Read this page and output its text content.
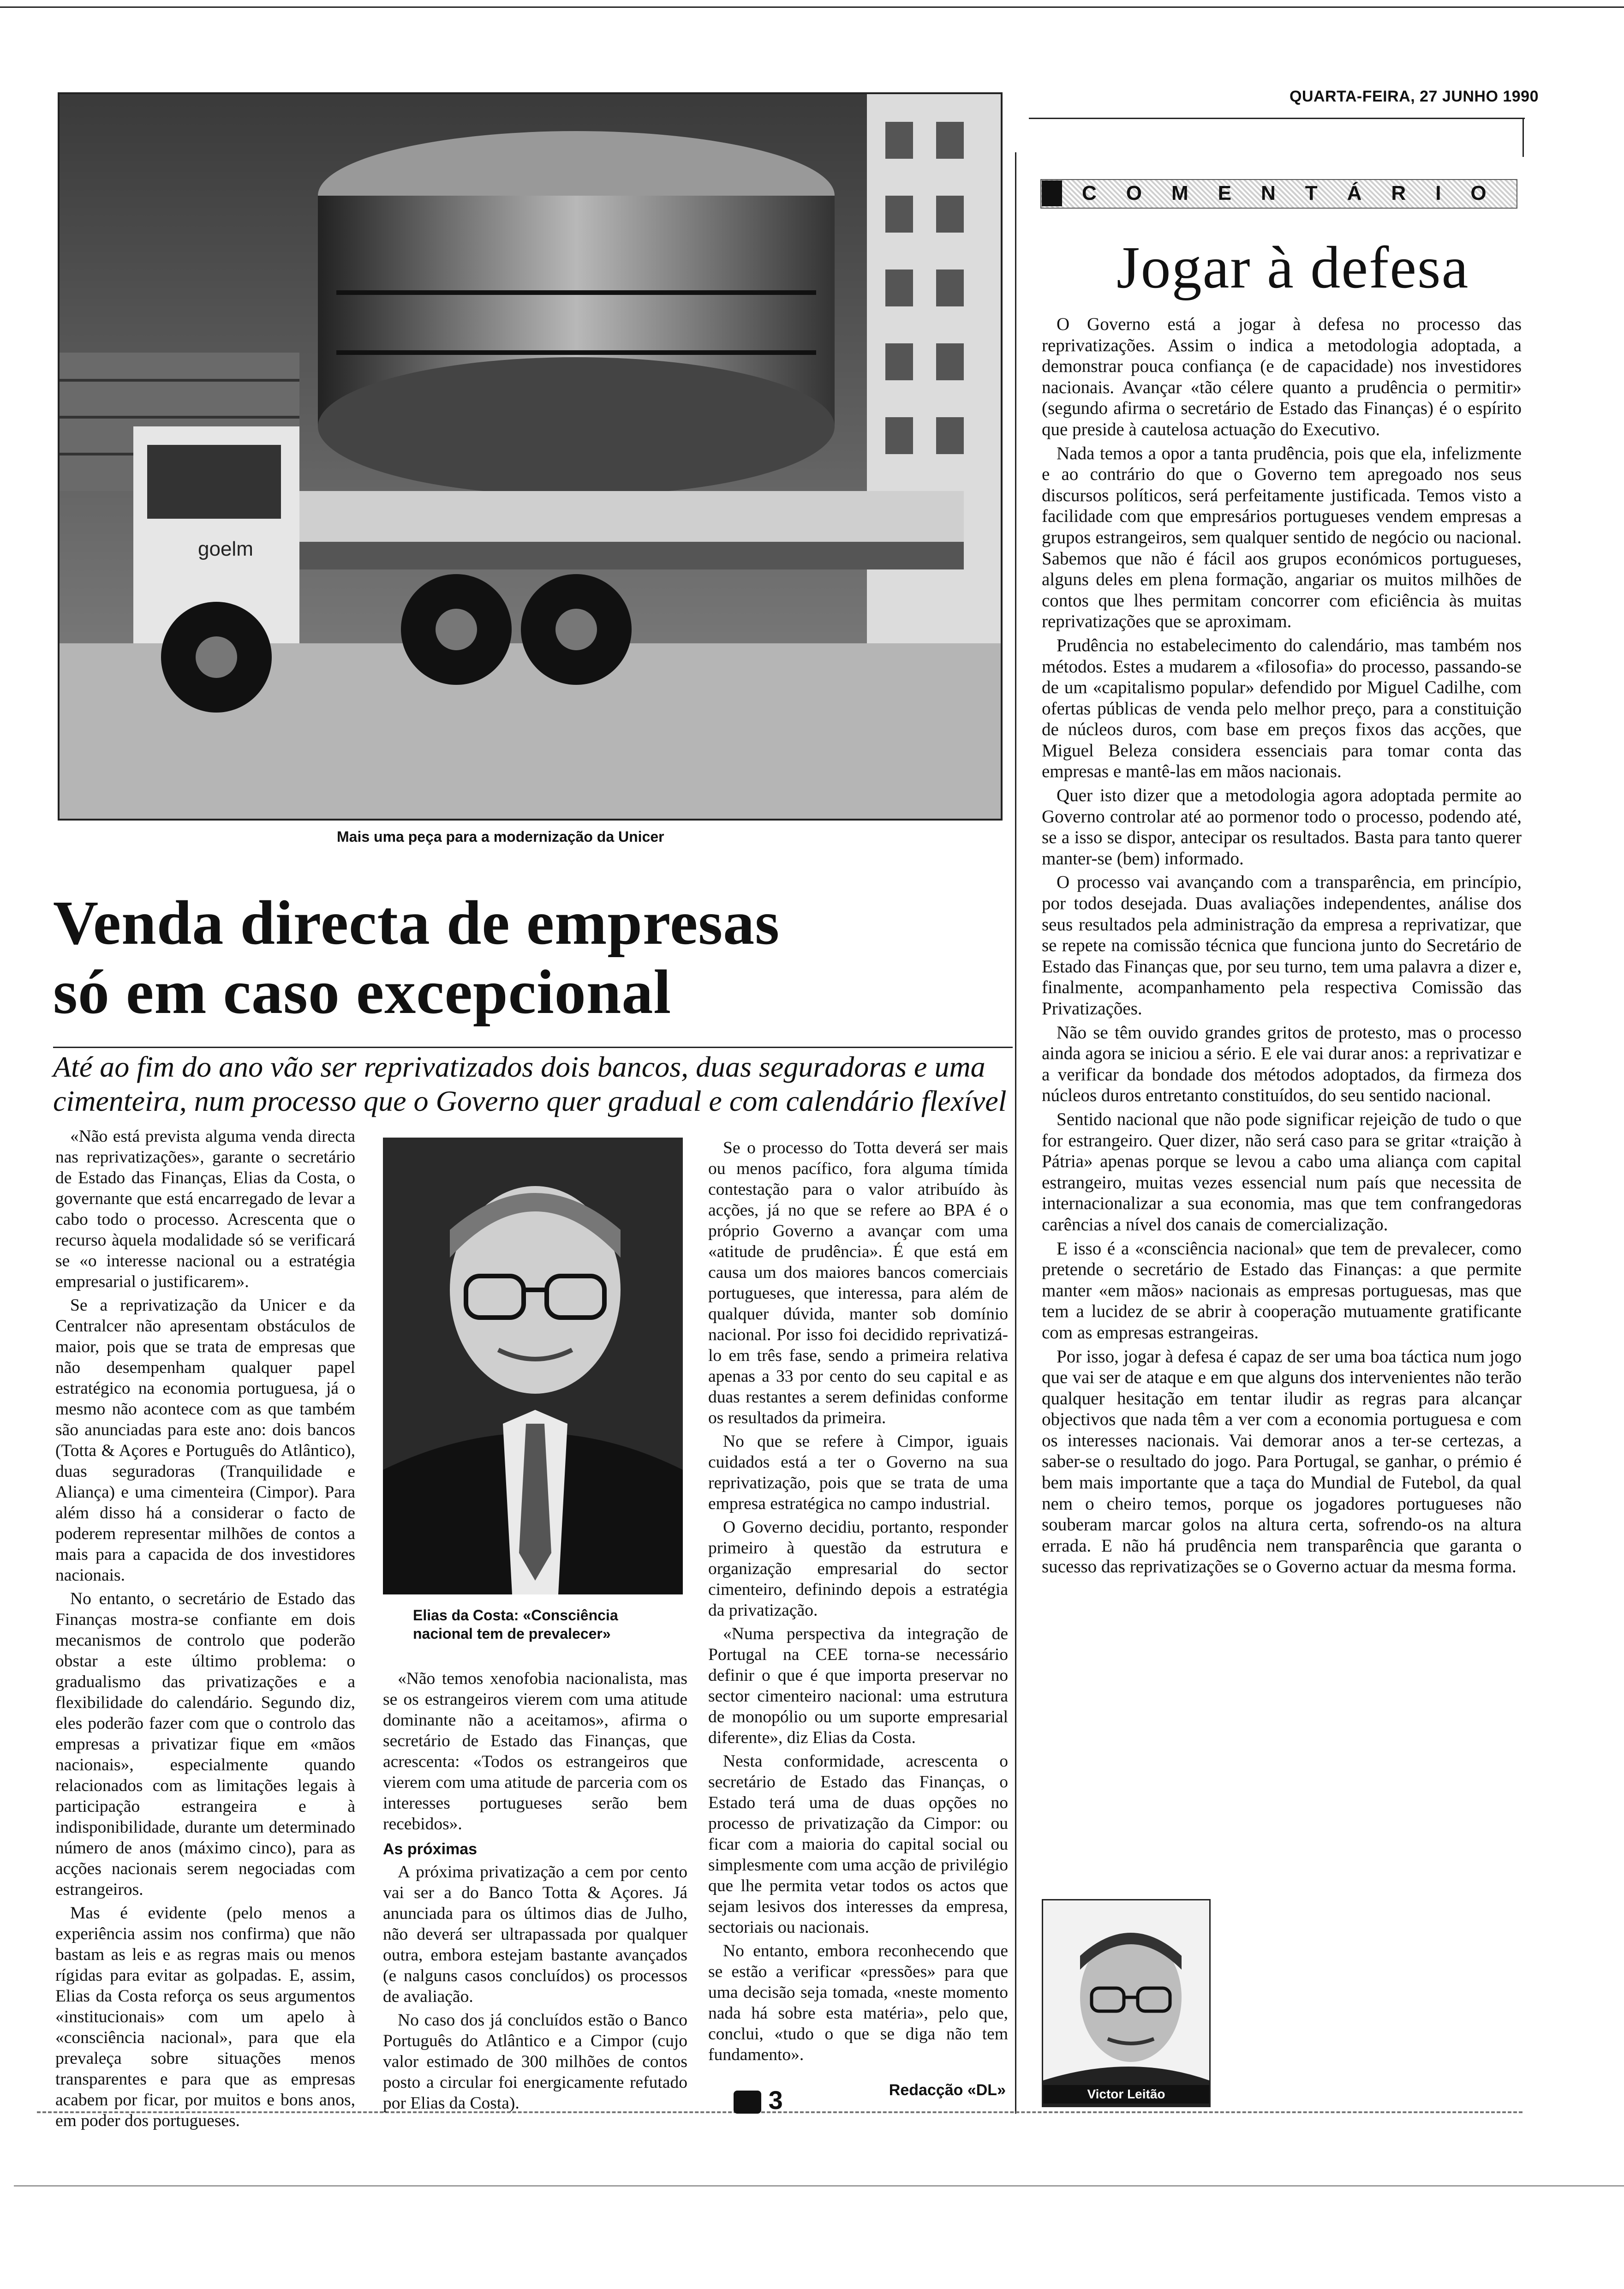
QUARTA-FEIRA, 27 JUNHO 1990
goelm
Mais uma peça para a modernização da Unicer
Venda directa de empresas
só em caso excepcional
Até ao fim do ano vão ser reprivatizados dois bancos, duas seguradoras e uma cimenteira, num processo que o Governo quer gradual e com calendário flexível

«Não está prevista alguma venda directa nas reprivatizações», garante o secretário de Estado das Finanças, Elias da Costa, o governante que está encarregado de levar a cabo todo o processo. Acrescenta que o recurso àquela modalidade só se verificará se «o interesse nacional ou a estratégia empresarial o justificarem».

Se a reprivatização da Unicer e da Centralcer não apresentam obstáculos de maior, pois que se trata de empresas que não desempenham qualquer papel estratégico na economia portuguesa, já o mesmo não acontece com as que também são anunciadas para este ano: dois bancos (Totta & Açores e Português do Atlântico), duas seguradoras (Tranquilidade e Aliança) e uma cimenteira (Cimpor). Para além disso há a considerar o facto de poderem representar milhões de contos a mais para a capacida de dos investidores nacionais.

No entanto, o secretário de Estado das Finanças mostra-se confiante em dois mecanismos de controlo que poderão obstar a este último problema: o gradualismo das privatizações e a flexibilidade do calendário. Segundo diz, eles poderão fazer com que o controlo das empresas a privatizar fique em «mãos nacionais», especialmente quando relacionados com as limitações legais à participação estrangeira e à indisponibilidade, durante um determinado número de anos (máximo cinco), para as acções nacionais serem negociadas com estrangeiros.

Mas é evidente (pelo menos a experiência assim nos confirma) que não bastam as leis e as regras mais ou menos rígidas para evitar as golpadas. E, assim, Elias da Costa reforça os seus argumentos «institucionais» com um apelo à «consciência nacional», para que ela prevaleça sobre situações menos transparentes e para que as empresas acabem por ficar, por muitos e bons anos, em poder dos portugueses.

Elias da Costa: «Consciência nacional tem de prevalecer»

«Não temos xenofobia nacionalista, mas se os estrangeiros vierem com uma atitude dominante não a aceitamos», afirma o secretário de Estado das Finanças, que acrescenta: «Todos os estrangeiros que vierem com uma atitude de parceria com os interesses portugueses serão bem recebidos».

As próximas

A próxima privatização a cem por cento vai ser a do Banco Totta & Açores. Já anunciada para os últimos dias de Julho, não deverá ser ultrapassada por qualquer outra, embora estejam bastante avançados (e nalguns casos concluídos) os processos de avaliação.

No caso dos já concluídos estão o Banco Português do Atlântico e a Cimpor (cujo valor estimado de 300 milhões de contos posto a circular foi energicamente refutado por Elias da Costa).

Se o processo do Totta deverá ser mais ou menos pacífico, fora alguma tímida contestação para o valor atribuído às acções, já no que se refere ao BPA é o próprio Governo a avançar com uma «atitude de prudência». É que está em causa um dos maiores bancos comerciais portugueses, que interessa, para além de qualquer dúvida, manter sob domínio nacional. Por isso foi decidido reprivatizá-lo em três fase, sendo a primeira relativa apenas a 33 por cento do seu capital e as duas restantes a serem definidas conforme os resultados da primeira.

No que se refere à Cimpor, iguais cuidados está a ter o Governo na sua reprivatização, pois que se trata de uma empresa estratégica no campo industrial.

O Governo decidiu, portanto, responder primeiro à questão da estrutura e organização empresarial do sector cimenteiro, definindo depois a estratégia da privatização.

«Numa perspectiva da integração de Portugal na CEE torna-se necessário definir o que é que importa preservar no sector cimenteiro nacional: uma estrutura de monopólio ou um suporte empresarial diferente», diz Elias da Costa.

Nesta conformidade, acrescenta o secretário de Estado das Finanças, o Estado terá uma de duas opções no processo de privatização da Cimpor: ou ficar com a maioria do capital social ou simplesmente com uma acção de privilégio que lhe permita vetar todos os actos que sejam lesivos dos interesses da empresa, sectoriais ou nacionais.

No entanto, embora reconhecendo que se estão a verificar «pressões» para que uma decisão seja tomada, «neste momento nada há sobre esta matéria», pelo que, conclui, «tudo o que se diga não tem fundamento».

Redacção «DL»
COMENTÁRIO
Jogar à defesa

O Governo está a jogar à defesa no processo das reprivatizações. Assim o indica a metodologia adoptada, a demonstrar pouca confiança (e de capacidade) nos investidores nacionais. Avançar «tão célere quanto a prudência o permitir» (segundo afirma o secretário de Estado das Finanças) é o espírito que preside à cautelosa actuação do Executivo.

Nada temos a opor a tanta prudência, pois que ela, infelizmente e ao contrário do que o Governo tem apregoado nos seus discursos políticos, será perfeitamente justificada. Temos visto a facilidade com que empresários portugueses vendem empresas a grupos estrangeiros, sem qualquer sentido de negócio ou nacional. Sabemos que não é fácil aos grupos económicos portugueses, alguns deles em plena formação, angariar os muitos milhões de contos que lhes permitam concorrer com eficiência às muitas reprivatizações que se aproximam.

Prudência no estabelecimento do calendário, mas também nos métodos. Estes a mudarem a «filosofia» do processo, passando-se de um «capitalismo popular» defendido por Miguel Cadilhe, com ofertas públicas de venda pelo melhor preço, para a constituição de núcleos duros, com base em preços fixos das acções, que Miguel Beleza considera essenciais para tomar conta das empresas e mantê-las em mãos nacionais.

Quer isto dizer que a metodologia agora adoptada permite ao Governo controlar até ao pormenor todo o processo, podendo até, se a isso se dispor, antecipar os resultados. Basta para tanto querer manter-se (bem) informado.

O processo vai avançando com a transparência, em princípio, por todos desejada. Duas avaliações independentes, análise dos seus resultados pela administração da empresa a reprivatizar, que se repete na comissão técnica que funciona junto do Secretário de Estado das Finanças que, por seu turno, tem uma palavra a dizer e, finalmente, acompanhamento pela respectiva Comissão das Privatizações.

Não se têm ouvido grandes gritos de protesto, mas o processo ainda agora se iniciou a sério. E ele vai durar anos: a reprivatizar e a verificar da bondade dos métodos adoptados, da firmeza dos núcleos duros entretanto constituídos, do seu sentido nacional.

Sentido nacional que não pode significar rejeição de tudo o que for estrangeiro. Quer dizer, não será caso para se gritar «traição à Pátria» apenas porque se levou a cabo uma aliança com capital estrangeiro, muitas vezes essencial num país que necessita de internacionalizar a sua economia, mas que tem confrangedoras carências a nível dos canais de comercialização.

E isso é a «consciência nacional» que tem de prevalecer, como pretende o secretário de Estado das Finanças: a que permite manter «em mãos» nacionais as empresas portuguesas, mas que tem a lucidez de se abrir à cooperação mutuamente gratificante com as empresas estrangeiras.

Por isso, jogar à defesa é capaz de ser uma boa táctica num jogo que vai ser de ataque e em que alguns dos intervenientes não terão qualquer hesitação em tentar iludir as regras para alcançar objectivos que nada têm a ver com a economia portuguesa e com os interesses nacionais. Vai demorar anos a ter-se certezas, a saber-se o resultado do jogo. Para Portugal, se ganhar, o prémio é bem mais importante que a taça do Mundial de Futebol, da qual nem o cheiro temos, porque os jogadores portugueses não souberam marcar golos na altura certa, sofrendo-os na altura errada. E não há prudência nem transparência que garanta o sucesso das reprivatizações se o Governo actuar da mesma forma.

Victor Leitão
3
